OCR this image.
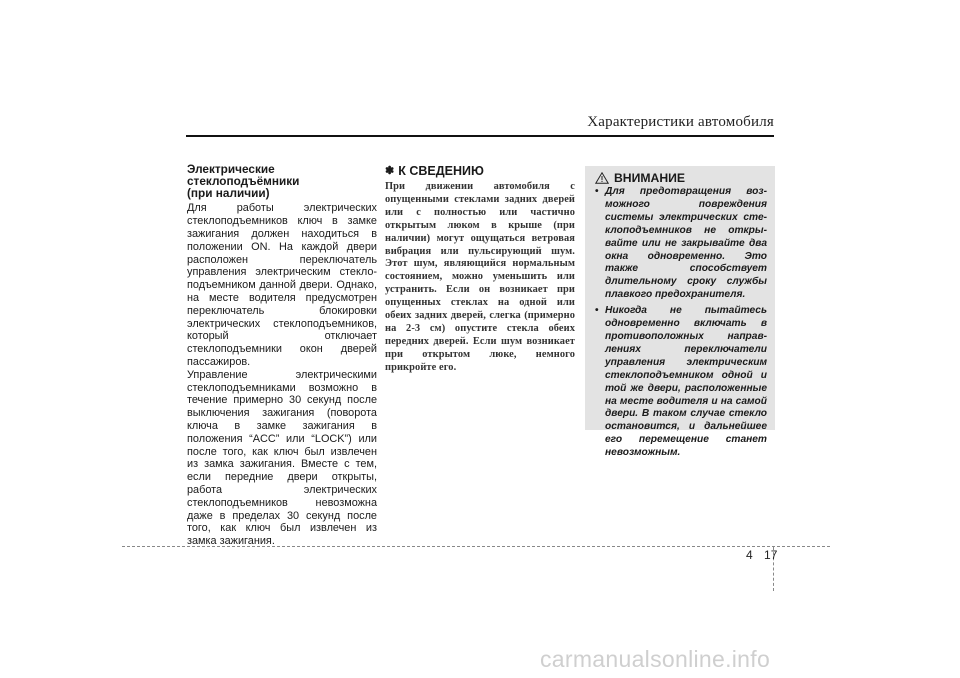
Характеристики автомобиля
Электрические
стеклоподъёмники
(при наличии)

Для работы электрических стеклоподъемников ключ в замке зажигания должен находиться в положении ON. На каждой двери расположен переключатель управления электрическим стекло-подъемником данной двери. Однако, на месте водителя предусмотрен переключатель блокировки электрических стеклоподъемников, который отключает стеклоподъемники окон дверей пассажиров.

Управление электрическими стеклоподъемниками возможно в течение примерно 30 секунд после выключения зажигания (поворота ключа в замке зажигания в положения “ACC” или “LOCK”) или после того, как ключ был извлечен из замка зажигания. Вместе с тем, если передние двери открыты, работа электрических стеклоподъемников невозможна даже в пределах 30 секунд после того, как ключ был извлечен из замка зажигания.

✽ К СВЕДЕНИЮ

При движении автомобиля с опущенными стеклами задних дверей или с полностью или частично открытым люком в крыше (при наличии) могут ощущаться ветровая вибрация или пульсирующий шум. Этот шум, являющийся нормальным состоянием, можно уменьшить или устранить. Если он возникает при опущенных стеклах на одной или обеих задних дверей, слегка (примерно на 2-3 см) опустите стекла обеих передних дверей. Если шум возникает при открытом люке, немного прикройте его.

ВНИМАНИЕ
• Для предотвращения воз-можного повреждения системы электрических сте-клоподъемников не откры-вайте или не закрывайте два окна одновременно. Это также способствует длительному сроку службы плавкого предохранителя.
• Никогда не пытайтесь одновременно включать в противоположных направ-лениях переключатели управления электрическим стеклоподъемником одной и той же двери, расположенные на месте водителя и на самой двери. В таком случае стекло остановится, и дальнейшее его перемещение станет невозможным.
4 17
carmanualsonline.info
